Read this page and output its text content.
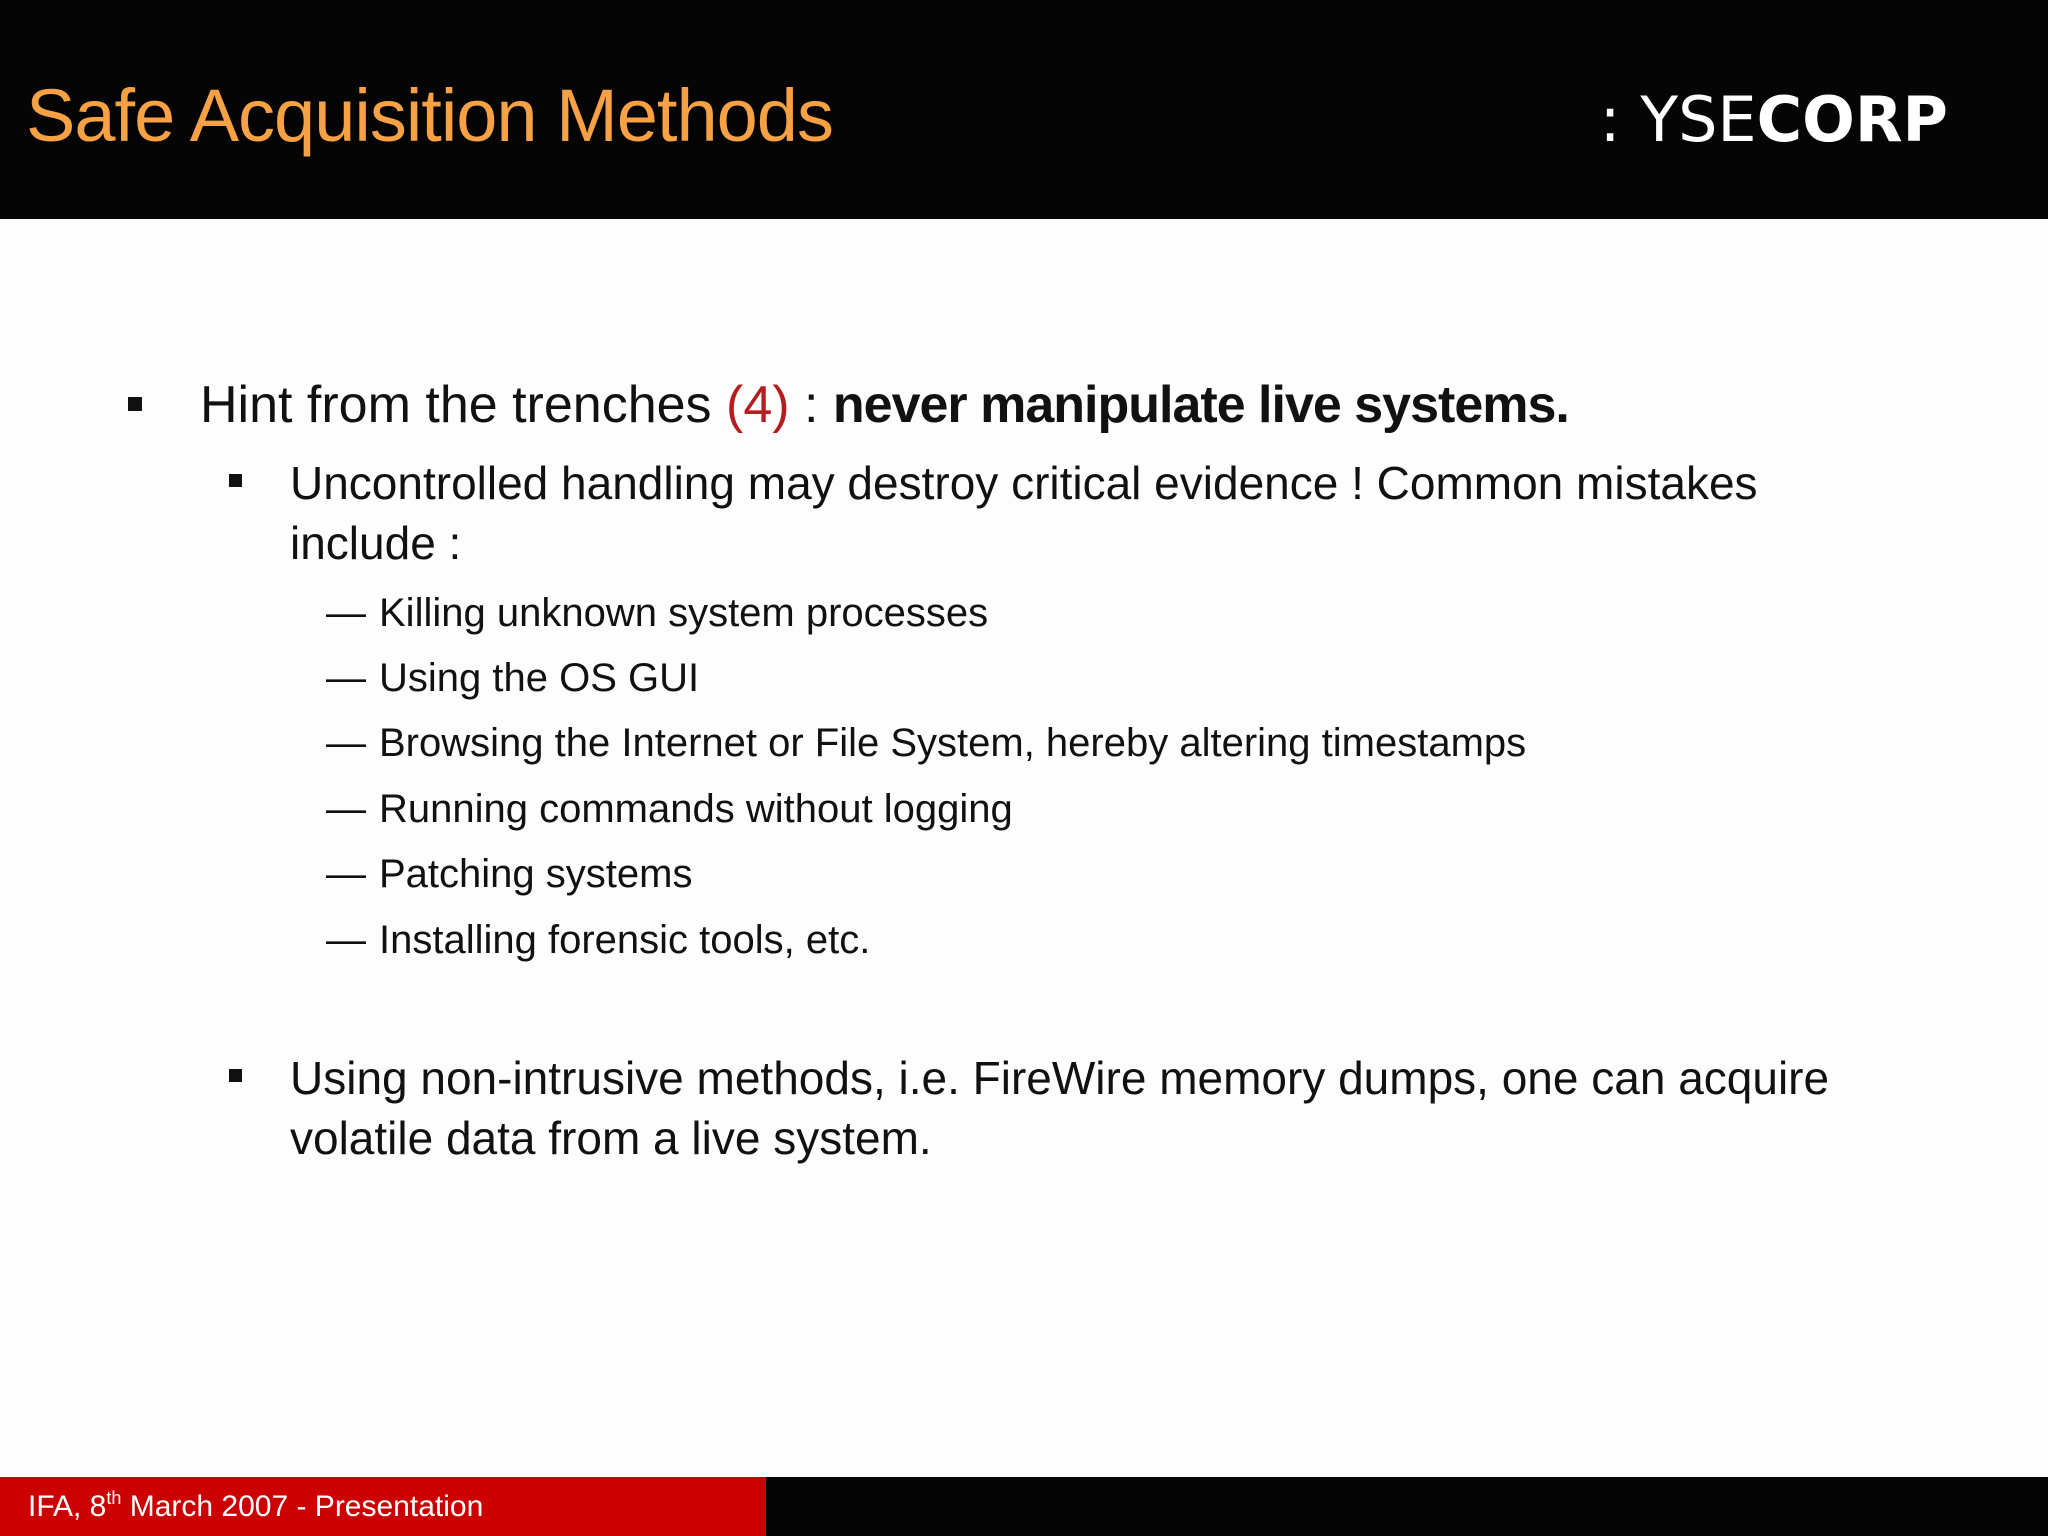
Safe Acquisition Methods	: YSECORP
Hint from the trenches (4) : never manipulate live systems.
Uncontrolled handling may destroy critical evidence ! Common mistakes
include :
— Killing unknown system processes
— Using the OS GUI
— Browsing the Internet or File System, hereby altering timestamps
— Running commands without logging
— Patching systems
— Installing forensic tools, etc.
Using non-intrusive methods, i.e. FireWire memory dumps, one can acquire
volatile data from a live system.
IFA, 8th March 2007 - Presentation
